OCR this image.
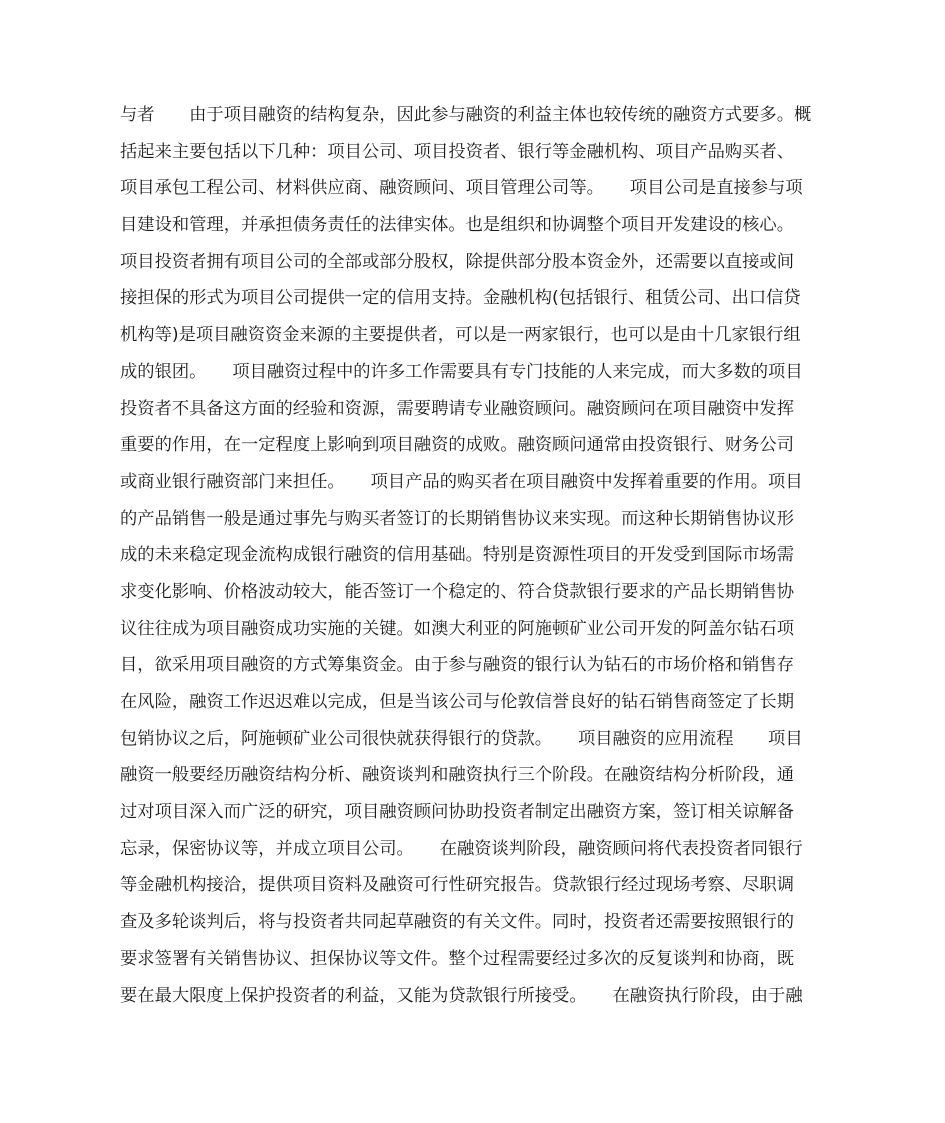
与者　　由于项目融资的结构复杂，因此参与融资的利益主体也较传统的融资方式要多。概
括起来主要包括以下几种：项目公司、项目投资者、银行等金融机构、项目产品购买者、
项目承包工程公司、材料供应商、融资顾问、项目管理公司等。　　项目公司是直接参与项
目建设和管理，并承担债务责任的法律实体。也是组织和协调整个项目开发建设的核心。
项目投资者拥有项目公司的全部或部分股权，除提供部分股本资金外，还需要以直接或间
接担保的形式为项目公司提供一定的信用支持。金融机构(包括银行、租赁公司、出口信贷
机构等)是项目融资资金来源的主要提供者，可以是一两家银行，也可以是由十几家银行组
成的银团。　　项目融资过程中的许多工作需要具有专门技能的人来完成，而大多数的项目
投资者不具备这方面的经验和资源，需要聘请专业融资顾问。融资顾问在项目融资中发挥
重要的作用，在一定程度上影响到项目融资的成败。融资顾问通常由投资银行、财务公司
或商业银行融资部门来担任。　　项目产品的购买者在项目融资中发挥着重要的作用。项目
的产品销售一般是通过事先与购买者签订的长期销售协议来实现。而这种长期销售协议形
成的未来稳定现金流构成银行融资的信用基础。特别是资源性项目的开发受到国际市场需
求变化影响、价格波动较大，能否签订一个稳定的、符合贷款银行要求的产品长期销售协
议往往成为项目融资成功实施的关键。如澳大利亚的阿施顿矿业公司开发的阿盖尔钻石项
目，欲采用项目融资的方式筹集资金。由于参与融资的银行认为钻石的市场价格和销售存
在风险，融资工作迟迟难以完成，但是当该公司与伦敦信誉良好的钻石销售商签定了长期
包销协议之后，阿施顿矿业公司很快就获得银行的贷款。　　项目融资的应用流程　　项目
融资一般要经历融资结构分析、融资谈判和融资执行三个阶段。在融资结构分析阶段，通
过对项目深入而广泛的研究，项目融资顾问协助投资者制定出融资方案，签订相关谅解备
忘录，保密协议等，并成立项目公司。　　在融资谈判阶段，融资顾问将代表投资者同银行
等金融机构接洽，提供项目资料及融资可行性研究报告。贷款银行经过现场考察、尽职调
查及多轮谈判后，将与投资者共同起草融资的有关文件。同时，投资者还需要按照银行的
要求签署有关销售协议、担保协议等文件。整个过程需要经过多次的反复谈判和协商，既
要在最大限度上保护投资者的利益，又能为贷款银行所接受。　　在融资执行阶段，由于融
